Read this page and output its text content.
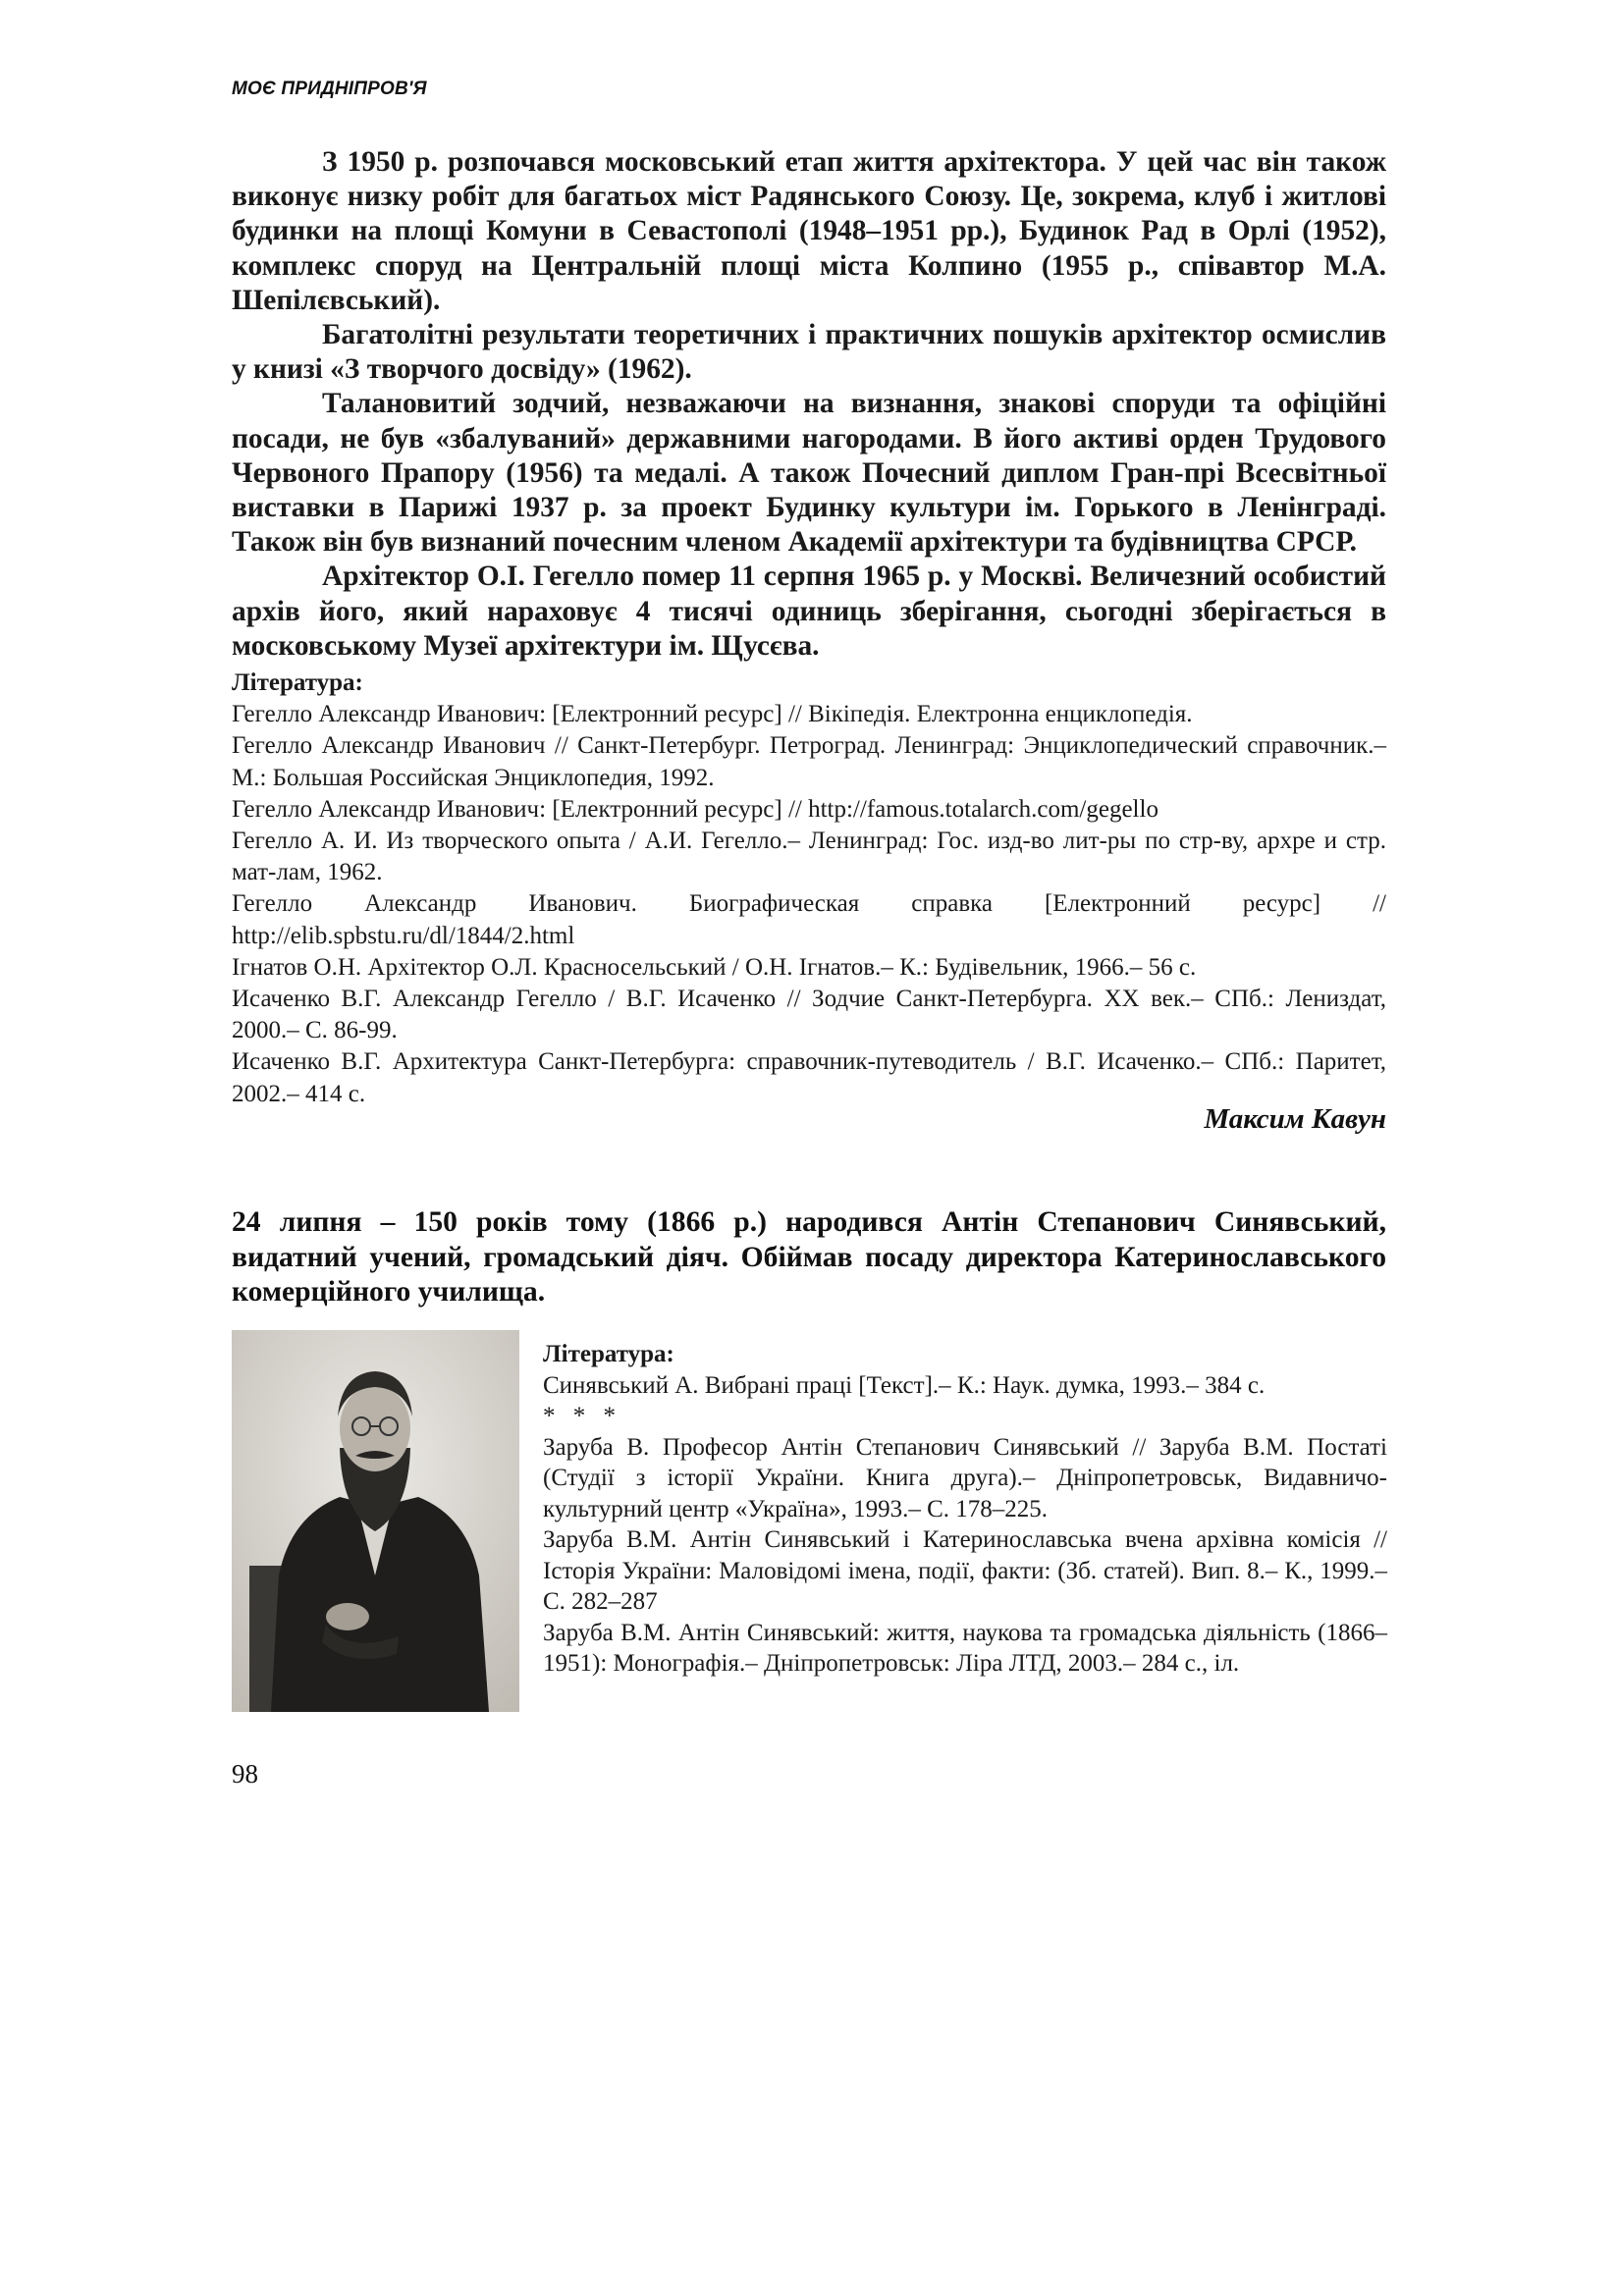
МОЄ ПРИДНІПРОВ'Я

З 1950 р. розпочався московський етап життя архітектора. У цей час він також виконує низку робіт для багатьох міст Радянського Союзу. Це, зокрема, клуб і житлові будинки на площі Комуни в Севастополі (1948–1951 рр.), Будинок Рад в Орлі (1952), комплекс споруд на Центральній площі міста Колпино (1955 р., співавтор М.А. Шепілєвський).

Багатолітні результати теоретичних і практичних пошуків архітектор осмислив у книзі «З творчого досвіду» (1962).

Талановитий зодчий, незважаючи на визнання, знакові споруди та офіційні посади, не був «збалуваний» державними нагородами. В його активі орден Трудового Червоного Прапору (1956) та медалі. А також Почесний диплом Гран-прі Всесвітньої виставки в Парижі 1937 р. за проект Будинку культури ім. Горького в Ленінграді. Також він був визнаний почесним членом Академії архітектури та будівництва СРСР.

Архітектор О.І. Гегелло помер 11 серпня 1965 р. у Москві. Величезний особистий архів його, який нараховує 4 тисячі одиниць зберігання, сьогодні зберігається в московському Музеї архітектури ім. Щусєва.

Література:

Гегелло Александр Иванович: [Електронний ресурс] // Вікіпедія. Електронна енциклопедія.

Гегелло Александр Иванович // Санкт-Петербург. Петроград. Ленинград: Энциклопедический справочник.– М.: Большая Российская Энциклопедия, 1992.

Гегелло Александр Иванович: [Електронний ресурс] // http://famous.totalarch.com/gegello

Гегелло А. И. Из творческого опыта / А.И. Гегелло.– Ленинград: Гос. изд-во лит-ры по стр-ву, архре и стр. мат-лам, 1962.

Гегелло Александр Иванович. Биографическая справка [Електронний ресурс] // http://elib.spbstu.ru/dl/1844/2.html

Ігнатов О.Н. Архітектор О.Л. Красносельський / О.Н. Ігнатов.– К.: Будівельник, 1966.– 56 с.

Исаченко В.Г. Александр Гегелло / В.Г. Исаченко // Зодчие Санкт-Петербурга. XX век.– СПб.: Лениздат, 2000.– С. 86-99.

Исаченко В.Г. Архитектура Санкт-Петербурга: справочник-путеводитель / В.Г. Исаченко.– СПб.: Паритет, 2002.– 414 с.

Максим Кавун
24 липня – 150 років тому (1866 р.) народився Антін Степанович Синявський, видатний учений, громадський діяч. Обіймав посаду директора Катеринославського комерційного училища.
Література:

Синявський А. Вибрані праці [Текст].– К.: Наук. думка, 1993.– 384 с.

* * *

Заруба В. Професор Антін Степанович Синявський // Заруба В.М. Постаті (Студії з історії України. Книга друга).– Дніпропетровськ, Видавничо-культурний центр «Україна», 1993.– С. 178–225.

Заруба В.М. Антін Синявський і Катеринославська вчена архівна комісія // Історія України: Маловідомі імена, події, факти: (Зб. статей). Вип. 8.– К., 1999.– С. 282–287

Заруба В.М. Антін Синявський: життя, наукова та громадська діяльність (1866–1951): Монографія.– Дніпропетровськ: Ліра ЛТД, 2003.– 284 с., іл.

98
